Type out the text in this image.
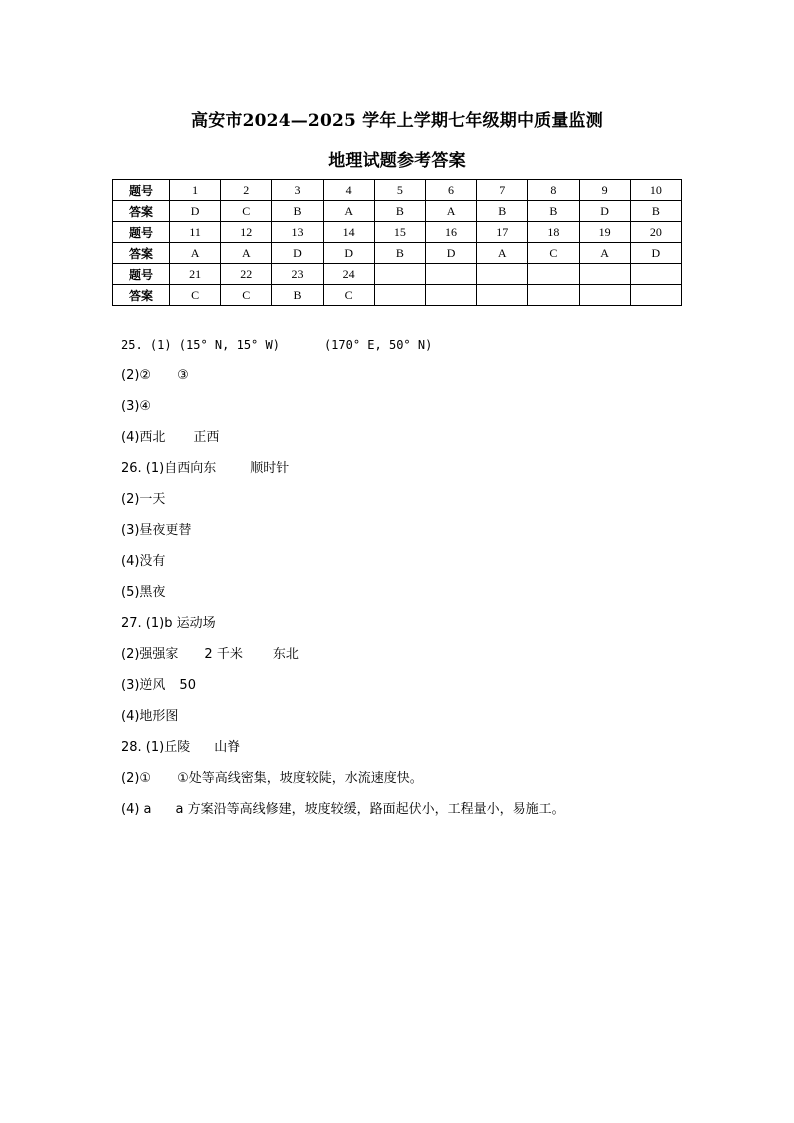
高安市2024—2025 学年上学期七年级期中质量监测
地理试题参考答案
题号	1	2	3	4	5	6	7	8	9	10
答案	D	C	B	A	B	A	B	B	D	B
题号	11	12	13	14	15	16	17	18	19	20
答案	A	A	D	D	B	D	A	C	A	D
题号	21	22	23	24						
答案	C	C	B	C						
25. (1) (15° N, 15° W)	(170° E, 50° N)
(2)② ③
(3)④
(4)西北 正西
26. (1)自西向东	顺时针
(2)一天
(3)昼夜更替
(4)没有
(5)黑夜
27. (1)b 运动场
(2)强强家 2 千米 东北
(3)逆风 50
(4)地形图
28. (1)丘陵 山脊
(2)① ①处等高线密集，坡度较陡，水流速度快。
(4) a a 方案沿等高线修建，坡度较缓，路面起伏小，工程量小，易施工。
